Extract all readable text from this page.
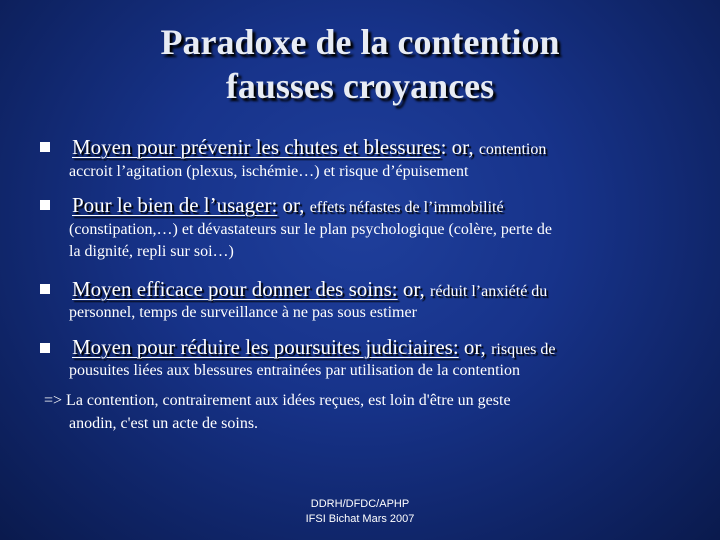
Paradoxe de la contention
fausses croyances
Moyen pour prévenir les chutes et blessures: or, contention
accroit l’agitation (plexus, ischémie…) et risque d’épuisement
Pour le bien de l’usager: or, effets néfastes de l’immobilité
(constipation,…) et dévastateurs sur le plan psychologique (colère, perte de
la dignité, repli sur soi…)
Moyen efficace pour donner des soins: or, réduit l’anxiété du
personnel, temps de surveillance à ne pas sous estimer
Moyen pour réduire les poursuites judiciaires: or, risques de
pousuites liées aux blessures entrainées par utilisation de la contention
=> La contention, contrairement aux idées reçues, est loin d'être un geste
anodin, c'est un acte de soins.
DDRH/DFDC/APHP
IFSI Bichat Mars 2007
